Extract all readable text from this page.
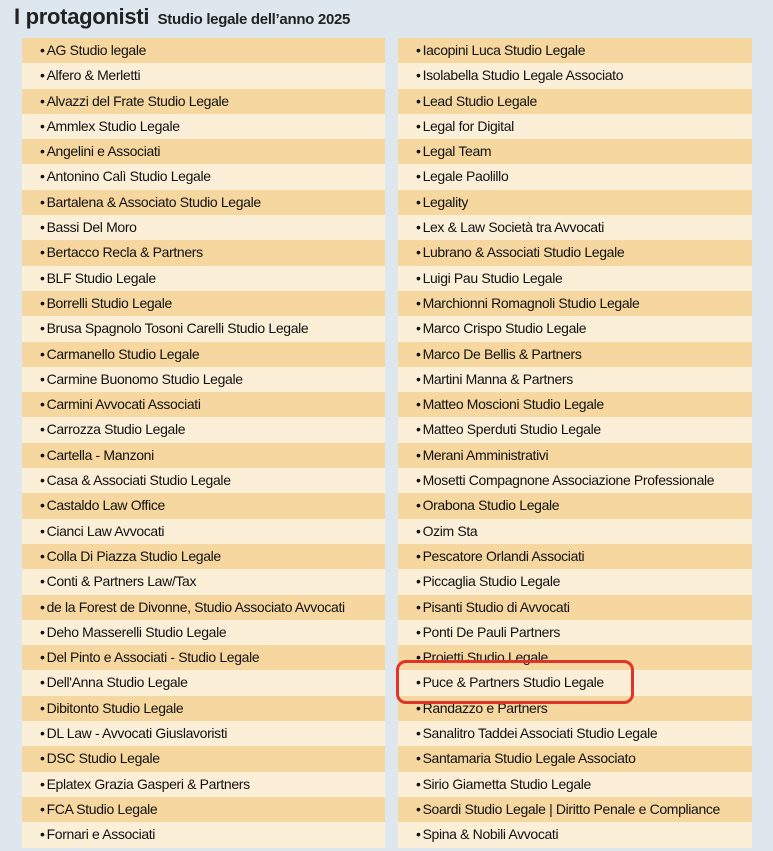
I protagonisti Studio legale dell’anno 2025
• AG Studio legale
• Alfero & Merletti
• Alvazzi del Frate Studio Legale
• Ammlex Studio Legale
• Angelini e Associati
• Antonino Calì Studio Legale
• Bartalena & Associato Studio Legale
• Bassi Del Moro
• Bertacco Recla & Partners
• BLF Studio Legale
• Borrelli Studio Legale
• Brusa Spagnolo Tosoni Carelli Studio Legale
• Carmanello Studio Legale
• Carmine Buonomo Studio Legale
• Carmini Avvocati Associati
• Carrozza Studio Legale
• Cartella - Manzoni
• Casa & Associati Studio Legale
• Castaldo Law Office
• Cianci Law Avvocati
• Colla Di Piazza Studio Legale
• Conti & Partners Law/Tax
• de la Forest de Divonne, Studio Associato Avvocati
• Deho Masserelli Studio Legale
• Del Pinto e Associati - Studio Legale
• Dell'Anna Studio Legale
• Dibitonto Studio Legale
• DL Law - Avvocati Giuslavoristi
• DSC Studio Legale
• Eplatex Grazia Gasperi & Partners
• FCA Studio Legale
• Fornari e Associati
• Iacopini Luca Studio Legale
• Isolabella Studio Legale Associato
• Lead Studio Legale
• Legal for Digital
• Legal Team
• Legale Paolillo
• Legality
• Lex & Law Società tra Avvocati
• Lubrano & Associati Studio Legale
• Luigi Pau Studio Legale
• Marchionni Romagnoli Studio Legale
• Marco Crispo Studio Legale
• Marco De Bellis & Partners
• Martini Manna & Partners
• Matteo Moscioni Studio Legale
• Matteo Sperduti Studio Legale
• Merani Amministrativi
• Mosetti Compagnone Associazione Professionale
• Orabona Studio Legale
• Ozim Sta
• Pescatore Orlandi Associati
• Piccaglia Studio Legale
• Pisanti Studio di Avvocati
• Ponti De Pauli Partners
• Proietti Studio Legale
• Puce & Partners Studio Legale
• Randazzo e Partners
• Sanalitro Taddei Associati Studio Legale
• Santamaria Studio Legale Associato
• Sirio Giametta Studio Legale
• Soardi Studio Legale | Diritto Penale e Compliance
• Spina & Nobili Avvocati
